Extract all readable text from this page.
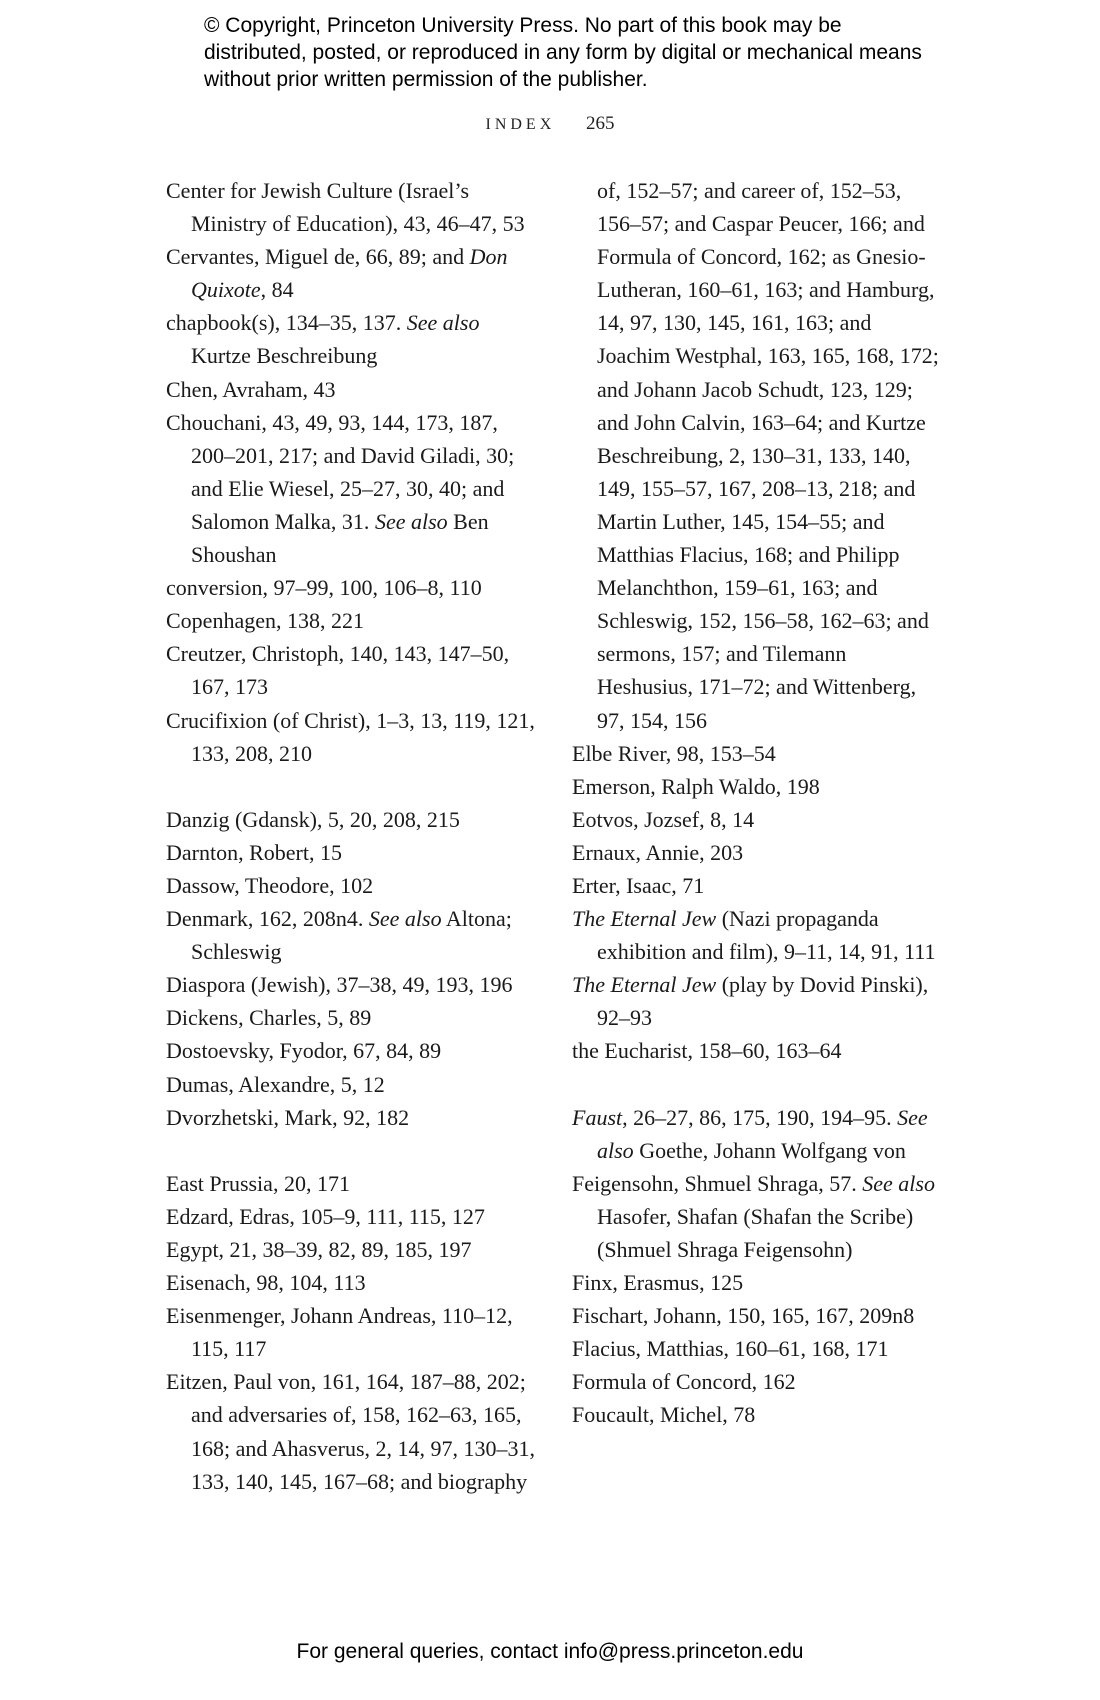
© Copyright, Princeton University Press. No part of this book may be distributed, posted, or reproduced in any form by digital or mechanical means without prior written permission of the publisher.
INDEX 265
Center for Jewish Culture (Israel’s Ministry of Education), 43, 46–47, 53
Cervantes, Miguel de, 66, 89; and Don Quixote, 84
chapbook(s), 134–35, 137. See also Kurtze Beschreibung
Chen, Avraham, 43
Chouchani, 43, 49, 93, 144, 173, 187, 200–201, 217; and David Giladi, 30; and Elie Wiesel, 25–27, 30, 40; and Salomon Malka, 31. See also Ben Shoushan
conversion, 97–99, 100, 106–8, 110
Copenhagen, 138, 221
Creutzer, Christoph, 140, 143, 147–50, 167, 173
Crucifixion (of Christ), 1–3, 13, 119, 121, 133, 208, 210
Danzig (Gdansk), 5, 20, 208, 215
Darnton, Robert, 15
Dassow, Theodore, 102
Denmark, 162, 208n4. See also Altona; Schleswig
Diaspora (Jewish), 37–38, 49, 193, 196
Dickens, Charles, 5, 89
Dostoevsky, Fyodor, 67, 84, 89
Dumas, Alexandre, 5, 12
Dvorzhetski, Mark, 92, 182
East Prussia, 20, 171
Edzard, Edras, 105–9, 111, 115, 127
Egypt, 21, 38–39, 82, 89, 185, 197
Eisenach, 98, 104, 113
Eisenmenger, Johann Andreas, 110–12, 115, 117
Eitzen, Paul von, 161, 164, 187–88, 202; and adversaries of, 158, 162–63, 165, 168; and Ahasverus, 2, 14, 97, 130–31, 133, 140, 145, 167–68; and biography
of, 152–57; and career of, 152–53, 156–57; and Caspar Peucer, 166; and Formula of Concord, 162; as Gnesio-Lutheran, 160–61, 163; and Hamburg, 14, 97, 130, 145, 161, 163; and Joachim Westphal, 163, 165, 168, 172; and Johann Jacob Schudt, 123, 129; and John Calvin, 163–64; and Kurtze Beschreibung, 2, 130–31, 133, 140, 149, 155–57, 167, 208–13, 218; and Martin Luther, 145, 154–55; and Matthias Flacius, 168; and Philipp Melanchthon, 159–61, 163; and Schleswig, 152, 156–58, 162–63; and sermons, 157; and Tilemann Heshusius, 171–72; and Wittenberg, 97, 154, 156
Elbe River, 98, 153–54
Emerson, Ralph Waldo, 198
Eotvos, Jozsef, 8, 14
Ernaux, Annie, 203
Erter, Isaac, 71
The Eternal Jew (Nazi propaganda exhibition and film), 9–11, 14, 91, 111
The Eternal Jew (play by Dovid Pinski), 92–93
the Eucharist, 158–60, 163–64
Faust, 26–27, 86, 175, 190, 194–95. See also Goethe, Johann Wolfgang von
Feigensohn, Shmuel Shraga, 57. See also Hasofer, Shafan (Shafan the Scribe) (Shmuel Shraga Feigensohn)
Finx, Erasmus, 125
Fischart, Johann, 150, 165, 167, 209n8
Flacius, Matthias, 160–61, 168, 171
Formula of Concord, 162
Foucault, Michel, 78
For general queries, contact info@press.princeton.edu
